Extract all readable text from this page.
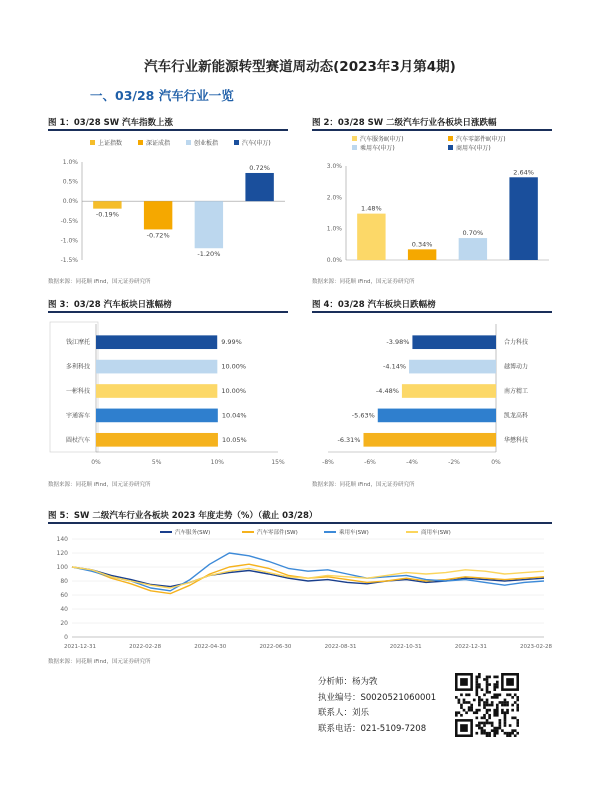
汽车行业新能源转型赛道周动态(2023年3月第4期)
一、03/28 汽车行业一览
图 1：03/28 SW 汽车指数上涨
上证指数	深证成指	创业板指	汽车(申万)
1.0%
0.5%
0.0%
-0.5%
-1.0%
-1.5%
-0.19%
-0.72%
-1.20%
0.72%
数据来源：同花顺 iFind，国元证券研究所
图 2：03/28 SW 二级汽车行业各板块日涨跌幅
汽车服务Ⅱ(申万)	汽车零部件Ⅱ(申万)
乘用车(申万)	商用车(申万)
3.0%
2.0%
1.0%
0.0%
1.48%
0.34%
0.70%
2.64%
数据来源：同花顺 iFind，国元证券研究所
图 3：03/28 汽车板块日涨幅榜
钱江摩托	9.99%
多利科技	10.00%
一彬科技	10.00%
宇通客车	10.04%
圆杖汽车	10.05%
0%	5%	10%	15%
数据来源：同花顺 iFind，国元证券研究所
图 4：03/28 汽车板块日跌幅榜
-3.98%	合力科技
-4.14%	越博动力
-4.48%	南方精工
-5.63%	凯龙高科
-6.31%	华懋科技
-8%	-6%	-4%	-2%	0%
数据来源：同花顺 iFind，国元证券研究所
图 5：SW 二级汽车行业各板块 2023 年度走势（%）（截止 03/28）
汽车服务(SW)	汽车零部件(SW)	乘用车(SW)	商用车(SW)
0
20
40
60
80
100
120
140
2021-12-31	2022-02-28	2022-04-30	2022-06-30	2022-08-31	2022-10-31	2022-12-31	2023-02-28
数据来源：同花顺 iFind，国元证券研究所
分析师：杨为敩
执业编号：S0020521060001
联系人：刘乐
联系电话：021-5109-7208
